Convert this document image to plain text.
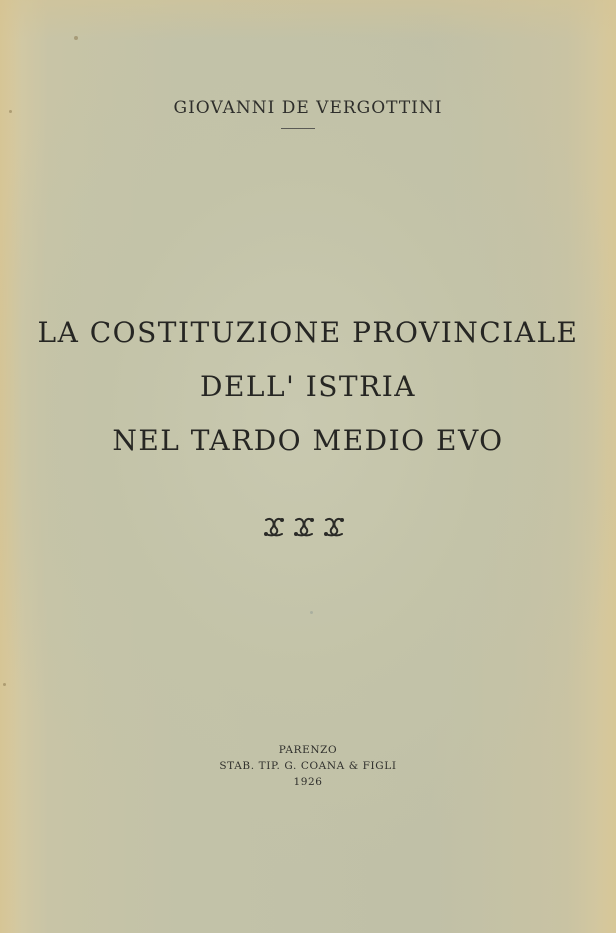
GIOVANNI DE VERGOTTINI
LA COSTITUZIONE PROVINCIALE
DELL' ISTRIA
NEL TARDO MEDIO EVO
PARENZO
STAB. TIP. G. COANA & FIGLI
1926
